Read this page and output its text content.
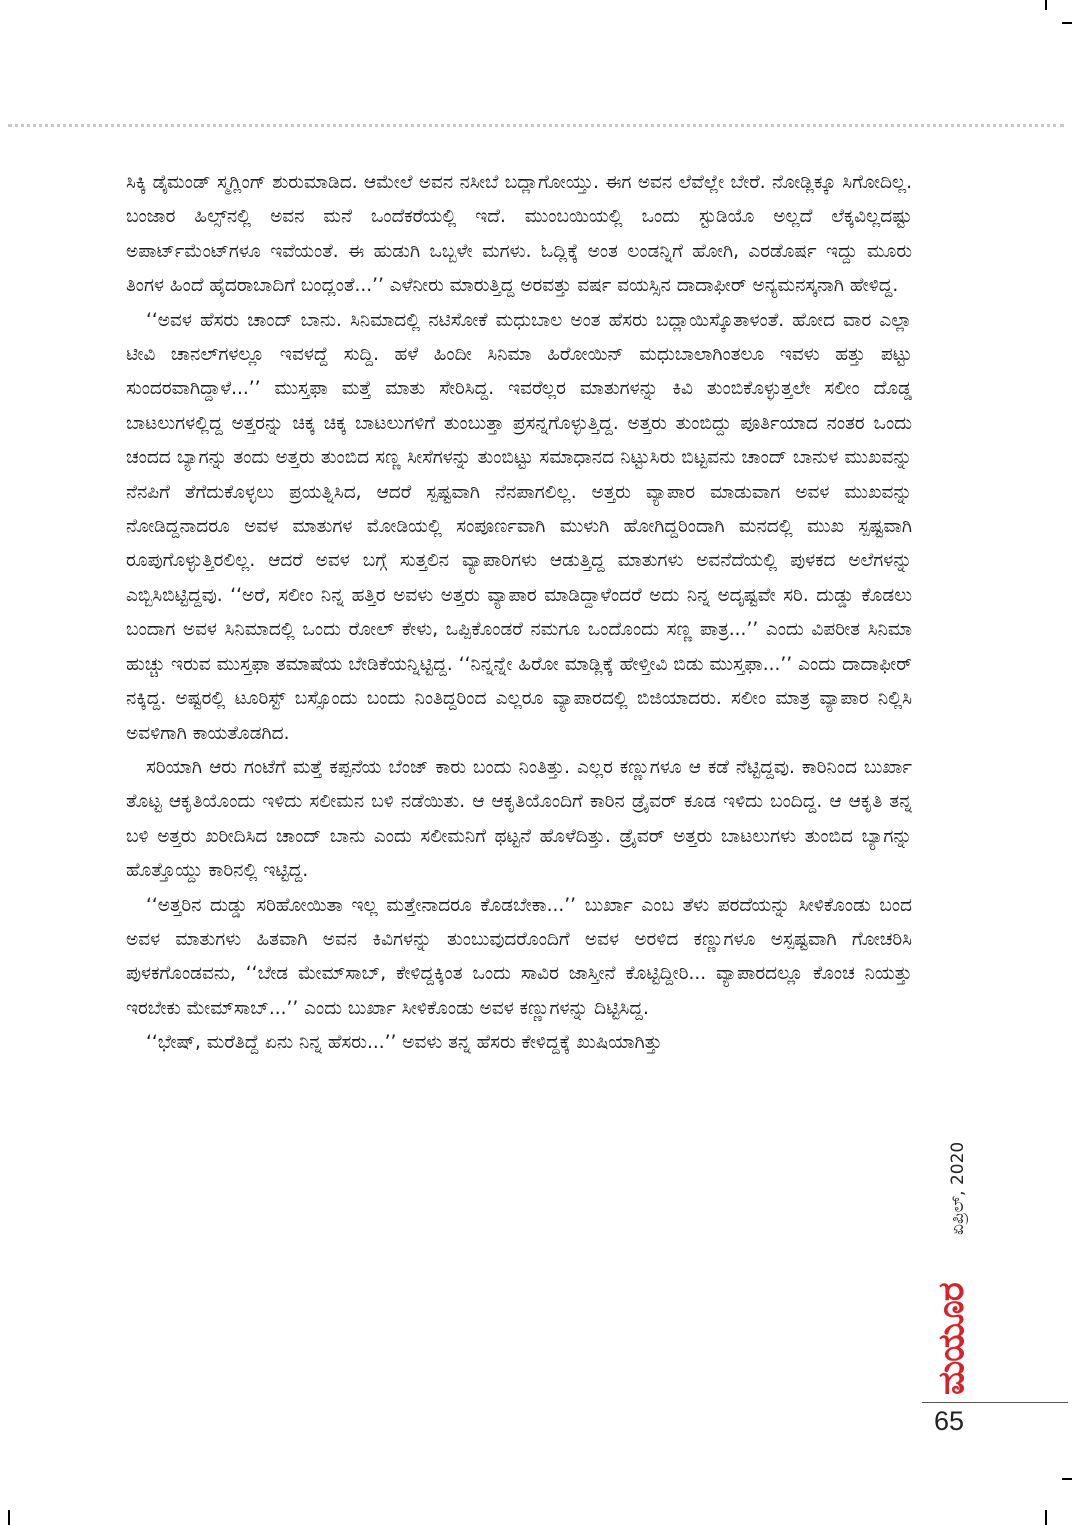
ಸಿಕ್ಕಿ ಡೈಮಂಡ್ ಸ್ಮಗ್ಲಿಂಗ್ ಶುರುಮಾಡಿದ. ಆಮೇಲೆ ಅವನ ನಸೀಬೆ ಬದ್ಲಾಗೋಯ್ತು. ಈಗ ಅವನ ಲೆವೆಲ್ಲೇ ಬೇರೆ. ನೋಡ್ಲಿಕ್ಕೂ ಸಿಗೋದಿಲ್ಲ. ಬಂಜಾರ ಹಿಲ್ಸ್‌ನಲ್ಲಿ ಅವನ ಮನೆ ಒಂದೆಕರೆಯಲ್ಲಿ ಇದೆ. ಮುಂಬಯಿಯಲ್ಲಿ ಒಂದು ಸ್ಟುಡಿಯೊ ಅಲ್ಲದೆ ಲೆಕ್ಕವಿಲ್ಲದಷ್ಟು ಅಪಾರ್ಟ್‌ಮೆಂಟ್‌ಗಳೂ ಇವೆಯಂತೆ. ಈ ಹುಡುಗಿ ಒಬ್ಬಳೇ ಮಗಳು. ಓದ್ಲಿಕ್ಕೆ ಅಂತ ಲಂಡನ್ನಿಗೆ ಹೋಗಿ, ಎರಡೊರ್ಷ ಇದ್ದು ಮೂರು ತಿಂಗಳ ಹಿಂದೆ ಹೈದರಾಬಾದಿಗೆ ಬಂದ್ಲಂತೆ...’’ ಎಳೆನೀರು ಮಾರುತ್ತಿದ್ದ ಅರವತ್ತು ವರ್ಷ ವಯಸ್ಸಿನ ದಾದಾಫೀರ್ ಅನ್ಯಮನಸ್ಕನಾಗಿ ಹೇಳಿದ್ದ.

‘‘ಅವಳ ಹೆಸರು ಚಾಂದ್ ಬಾನು. ಸಿನಿಮಾದಲ್ಲಿ ನಟಿಸೋಕೆ ಮಧುಬಾಲ ಅಂತ ಹೆಸರು ಬದ್ಲಾಯಿಸ್ಕೊತಾಳಂತೆ. ಹೋದ ವಾರ ಎಲ್ಲಾ ಟೀವಿ ಚಾನಲ್‌ಗಳಲ್ಲೂ ಇವಳದ್ದೆ ಸುದ್ದಿ. ಹಳೆ ಹಿಂದೀ ಸಿನಿಮಾ ಹಿರೋಯಿನ್ ಮಧುಬಾಲಾಗಿಂತಲೂ ಇವಳು ಹತ್ತು ಪಟ್ಟು ಸುಂದರವಾಗಿದ್ದಾಳೆ...’’ ಮುಸ್ತಫಾ ಮತ್ತೆ ಮಾತು ಸೇರಿಸಿದ್ದ. ಇವರೆಲ್ಲರ ಮಾತುಗಳನ್ನು ಕಿವಿ ತುಂಬಿಕೊಳ್ಳುತ್ತಲೇ ಸಲೀಂ ದೊಡ್ಡ ಬಾಟಲುಗಳಲ್ಲಿದ್ದ ಅತ್ತರನ್ನು ಚಿಕ್ಕ ಚಿಕ್ಕ ಬಾಟಲುಗಳಿಗೆ ತುಂಬುತ್ತಾ ಪ್ರಸನ್ನಗೊಳ್ಳುತ್ತಿದ್ದ. ಅತ್ತರು ತುಂಬಿದ್ದು ಪೂರ್ತಿಯಾದ ನಂತರ ಒಂದು ಚಂದದ ಬ್ಯಾಗನ್ನು ತಂದು ಅತ್ತರು ತುಂಬಿದ ಸಣ್ಣ ಸೀಸೆಗಳನ್ನು ತುಂಬಿಟ್ಟು ಸಮಾಧಾನದ ನಿಟ್ಟುಸಿರು ಬಿಟ್ಟವನು ಚಾಂದ್ ಬಾನುಳ ಮುಖವನ್ನು ನೆನಪಿಗೆ ತೆಗೆದುಕೊಳ್ಳಲು ಪ್ರಯತ್ನಿಸಿದ, ಆದರೆ ಸ್ಪಷ್ಟವಾಗಿ ನೆನಪಾಗಲಿಲ್ಲ. ಅತ್ತರು ವ್ಯಾಪಾರ ಮಾಡುವಾಗ ಅವಳ ಮುಖವನ್ನು ನೋಡಿದ್ದನಾದರೂ ಅವಳ ಮಾತುಗಳ ಮೋಡಿಯಲ್ಲಿ ಸಂಪೂರ್ಣವಾಗಿ ಮುಳುಗಿ ಹೋಗಿದ್ದರಿಂದಾಗಿ ಮನದಲ್ಲಿ ಮುಖ ಸ್ಪಷ್ಟವಾಗಿ ರೂಪುಗೊಳ್ಳುತ್ತಿರಲಿಲ್ಲ. ಆದರೆ ಅವಳ ಬಗ್ಗೆ ಸುತ್ತಲಿನ ವ್ಯಾಪಾರಿಗಳು ಆಡುತ್ತಿದ್ದ ಮಾತುಗಳು ಅವನೆದೆಯಲ್ಲಿ ಪುಳಕದ ಅಲೆಗಳನ್ನು ಎಬ್ಬಿಸಿಬಿಟ್ಟಿದ್ದವು. ‘‘ಅರೆ, ಸಲೀಂ ನಿನ್ನ ಹತ್ತಿರ ಅವಳು ಅತ್ತರು ವ್ಯಾಪಾರ ಮಾಡಿದ್ದಾಳೆಂದರೆ ಅದು ನಿನ್ನ ಅದೃಷ್ಟವೇ ಸರಿ. ದುಡ್ಡು ಕೊಡಲು ಬಂದಾಗ ಅವಳ ಸಿನಿಮಾದಲ್ಲಿ ಒಂದು ರೋಲ್ ಕೇಳು, ಒಪ್ಪಿಕೊಂಡರೆ ನಮಗೂ ಒಂದೊಂದು ಸಣ್ಣ ಪಾತ್ರ...’’ ಎಂದು ವಿಪರೀತ ಸಿನಿಮಾ ಹುಚ್ಚು ಇರುವ ಮುಸ್ತಫಾ ತಮಾಷೆಯ ಬೇಡಿಕೆಯನ್ನಿಟ್ಟಿದ್ದ. ‘‘ನಿನ್ನನ್ನೇ ಹಿರೋ ಮಾಡ್ಲಿಕ್ಕೆ ಹೇಳ್ತೀವಿ ಬಿಡು ಮುಸ್ತಫಾ...’’ ಎಂದು ದಾದಾಫೀರ್ ನಕ್ಕಿದ್ದ. ಅಷ್ಟರಲ್ಲಿ ಟೂರಿಸ್ಟ್ ಬಸ್ಸೊಂದು ಬಂದು ನಿಂತಿದ್ದರಿಂದ ಎಲ್ಲರೂ ವ್ಯಾಪಾರದಲ್ಲಿ ಬಿಜಿಯಾದರು. ಸಲೀಂ ಮಾತ್ರ ವ್ಯಾಪಾರ ನಿಲ್ಲಿಸಿ ಅವಳಿಗಾಗಿ ಕಾಯತೊಡಗಿದ.

ಸರಿಯಾಗಿ ಆರು ಗಂಟೆಗೆ ಮತ್ತೆ ಕಪ್ಪನೆಯ ಬೆಂಜ್ ಕಾರು ಬಂದು ನಿಂತಿತ್ತು. ಎಲ್ಲರ ಕಣ್ಣುಗಳೂ ಆ ಕಡೆ ನೆಟ್ಟಿದ್ದವು. ಕಾರಿನಿಂದ ಬುರ್ಖಾ ತೊಟ್ಟ ಆಕೃತಿಯೊಂದು ಇಳಿದು ಸಲೀಮನ ಬಳಿ ನಡೆಯಿತು. ಆ ಆಕೃತಿಯೊಂದಿಗೆ ಕಾರಿನ ಡ್ರೈವರ್ ಕೂಡ ಇಳಿದು ಬಂದಿದ್ದ. ಆ ಆಕೃತಿ ತನ್ನ ಬಳಿ ಅತ್ತರು ಖರೀದಿಸಿದ ಚಾಂದ್ ಬಾನು ಎಂದು ಸಲೀಮನಿಗೆ ಥಟ್ಟನೆ ಹೊಳೆದಿತ್ತು. ಡ್ರೈವರ್ ಅತ್ತರು ಬಾಟಲುಗಳು ತುಂಬಿದ ಬ್ಯಾಗನ್ನು ಹೊತ್ತೊಯ್ದು ಕಾರಿನಲ್ಲಿ ಇಟ್ಟಿದ್ದ.

‘‘ಅತ್ತರಿನ ದುಡ್ಡು ಸರಿಹೋಯಿತಾ ಇಲ್ಲ ಮತ್ತೇನಾದರೂ ಕೊಡಬೇಕಾ...’’ ಬುರ್ಖಾ ಎಂಬ ತೆಳು ಪರದೆಯನ್ನು ಸೀಳಿಕೊಂಡು ಬಂದ ಅವಳ ಮಾತುಗಳು ಹಿತವಾಗಿ ಅವನ ಕಿವಿಗಳನ್ನು ತುಂಬುವುದರೊಂದಿಗೆ ಅವಳ ಅರಳಿದ ಕಣ್ಣುಗಳೂ ಅಸ್ಪಷ್ಟವಾಗಿ ಗೋಚರಿಸಿ ಪುಳಕಗೊಂಡವನು, ‘‘ಬೇಡ ಮೇಮ್‌ಸಾಬ್, ಕೇಳಿದ್ದಕ್ಕಿಂತ ಒಂದು ಸಾವಿರ ಜಾಸ್ತೀನೆ ಕೊಟ್ಟಿದ್ದೀರಿ... ವ್ಯಾಪಾರದಲ್ಲೂ ಕೊಂಚ ನಿಯತ್ತು ಇರಬೇಕು ಮೇಮ್‌ಸಾಬ್...’’ ಎಂದು ಬುರ್ಖಾ ಸೀಳಿಕೊಂಡು ಅವಳ ಕಣ್ಣುಗಳನ್ನು ದಿಟ್ಟಿಸಿದ್ದ.

‘‘ಭೇಷ್, ಮರೆತಿದ್ದೆ ಏನು ನಿನ್ನ ಹೆಸರು...’’ ಅವಳು ತನ್ನ ಹೆಸರು ಕೇಳಿದ್ದಕ್ಕೆ ಖುಷಿಯಾಗಿತ್ತು

ಏಪ್ರಿಲ್, 2020
ಮಯೂರ
65
